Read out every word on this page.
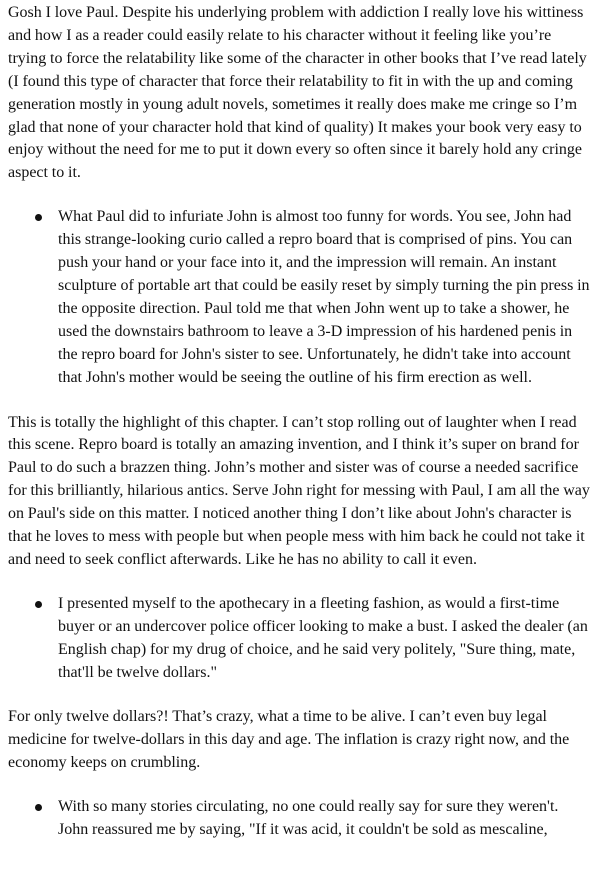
Gosh I love Paul. Despite his underlying problem with addiction I really love his wittiness and how I as a reader could easily relate to his character without it feeling like you’re trying to force the relatability like some of the character in other books that I’ve read lately (I found this type of character that force their relatability to fit in with the up and coming generation mostly in young adult novels, sometimes it really does make me cringe so I’m glad that none of your character hold that kind of quality) It makes your book very easy to enjoy without the need for me to put it down every so often since it barely hold any cringe aspect to it.

What Paul did to infuriate John is almost too funny for words. You see, John had this strange-looking curio called a repro board that is comprised of pins. You can push your hand or your face into it, and the impression will remain. An instant sculpture of portable art that could be easily reset by simply turning the pin press in the opposite direction. Paul told me that when John went up to take a shower, he used the downstairs bathroom to leave a 3-D impression of his hardened penis in the repro board for John's sister to see. Unfortunately, he didn't take into account that John's mother would be seeing the outline of his firm erection as well.

This is totally the highlight of this chapter. I can’t stop rolling out of laughter when I read this scene. Repro board is totally an amazing invention, and I think it’s super on brand for Paul to do such a brazzen thing. John’s mother and sister was of course a needed sacrifice for this brilliantly, hilarious antics. Serve John right for messing with Paul, I am all the way on Paul's side on this matter. I noticed another thing I don’t like about John's character is that he loves to mess with people but when people mess with him back he could not take it and need to seek conflict afterwards. Like he has no ability to call it even.

I presented myself to the apothecary in a fleeting fashion, as would a first-time buyer or an undercover police officer looking to make a bust. I asked the dealer (an English chap) for my drug of choice, and he said very politely, "Sure thing, mate, that'll be twelve dollars."

For only twelve dollars?! That’s crazy, what a time to be alive. I can’t even buy legal medicine for twelve-dollars in this day and age. The inflation is crazy right now, and the economy keeps on crumbling.

With so many stories circulating, no one could really say for sure they weren't. John reassured me by saying, "If it was acid, it couldn't be sold as mescaline,
